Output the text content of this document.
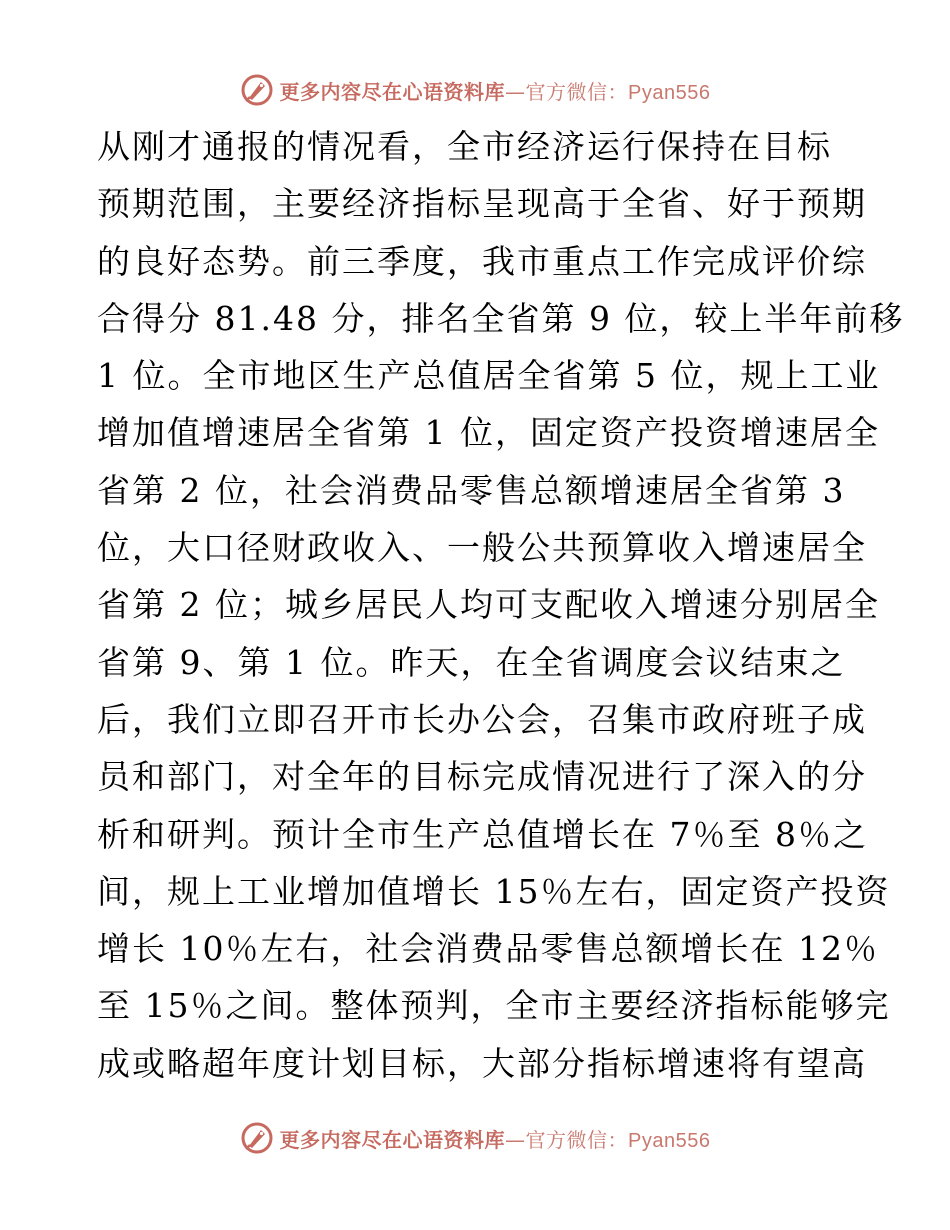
更多内容尽在心语资料库—官方微信：Pyan556
从刚才通报的情况看，全市经济运行保持在目标
预期范围，主要经济指标呈现高于全省、好于预期
的良好态势。前三季度，我市重点工作完成评价综
合得分 81.48 分，排名全省第 9 位，较上半年前移
1 位。全市地区生产总值居全省第 5 位，规上工业
增加值增速居全省第 1 位，固定资产投资增速居全
省第 2 位，社会消费品零售总额增速居全省第 3
位，大口径财政收入、一般公共预算收入增速居全
省第 2 位；城乡居民人均可支配收入增速分别居全
省第 9、第 1 位。昨天，在全省调度会议结束之
后，我们立即召开市长办公会，召集市政府班子成
员和部门，对全年的目标完成情况进行了深入的分
析和研判。预计全市生产总值增长在 7％至 8％之
间，规上工业增加值增长 15％左右，固定资产投资
增长 10％左右，社会消费品零售总额增长在 12％
至 15％之间。整体预判，全市主要经济指标能够完
成或略超年度计划目标，大部分指标增速将有望高
更多内容尽在心语资料库—官方微信：Pyan556
